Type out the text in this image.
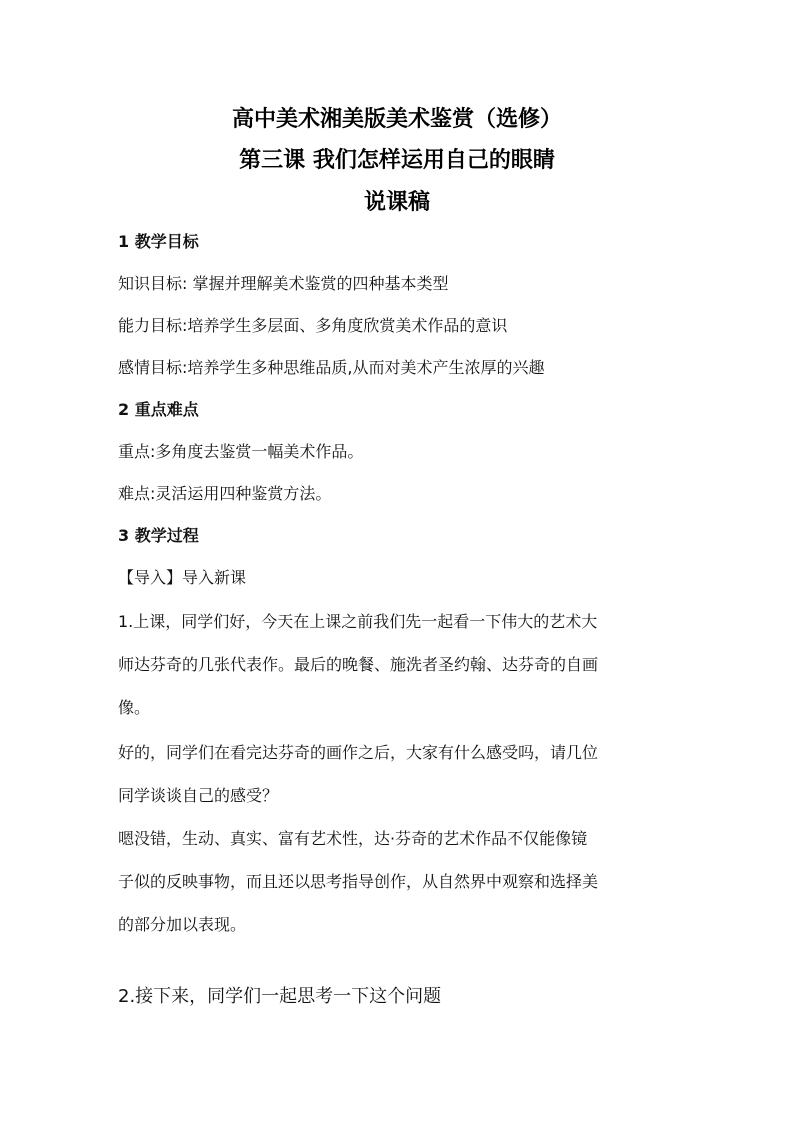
高中美术湘美版美术鉴赏（选修）
第三课 我们怎样运用自己的眼睛
说课稿
1 教学目标
知识目标: 掌握并理解美术鉴赏的四种基本类型
能力目标:培养学生多层面、多角度欣赏美术作品的意识
感情目标:培养学生多种思维品质,从而对美术产生浓厚的兴趣
2 重点难点
重点:多角度去鉴赏一幅美术作品。
难点:灵活运用四种鉴赏方法。
3 教学过程
【导入】导入新课
1.上课，同学们好，今天在上课之前我们先一起看一下伟大的艺术大
师达芬奇的几张代表作。最后的晚餐、施洗者圣约翰、达芬奇的自画
像。
好的，同学们在看完达芬奇的画作之后，大家有什么感受吗，请几位
同学谈谈自己的感受？
嗯没错，生动、真实、富有艺术性，达·芬奇的艺术作品不仅能像镜
子似的反映事物，而且还以思考指导创作，从自然界中观察和选择美
的部分加以表现。
2.接下来，同学们一起思考一下这个问题
